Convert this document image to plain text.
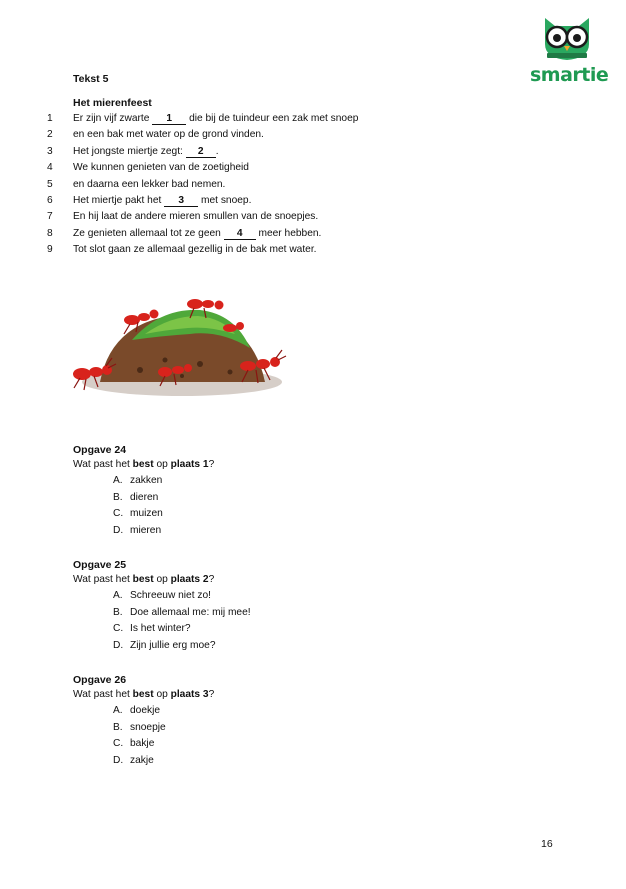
smartie
Tekst 5
Het mierenfeest
1	Er zijn vijf zwarte 1 die bij de tuindeur een zak met snoep
2	en een bak met water op de grond vinden.
3	Het jongste miertje zegt: 2 .
4	We kunnen genieten van de zoetigheid
5	en daarna een lekker bad nemen.
6	Het miertje pakt het 3 met snoep.
7	En hij laat de andere mieren smullen van de snoepjes.
8	Ze genieten allemaal tot ze geen 4 meer hebben.
9	Tot slot gaan ze allemaal gezellig in de bak met water.
Opgave 24
Wat past het best op plaats 1?
A. zakken
B. dieren
C. muizen
D. mieren
Opgave 25
Wat past het best op plaats 2?
A. Schreeuw niet zo!
B. Doe allemaal me: mij mee!
C. Is het winter?
D. Zijn jullie erg moe?
Opgave 26
Wat past het best op plaats 3?
A. doekje
B. snoepje
C. bakje
D. zakje
16
